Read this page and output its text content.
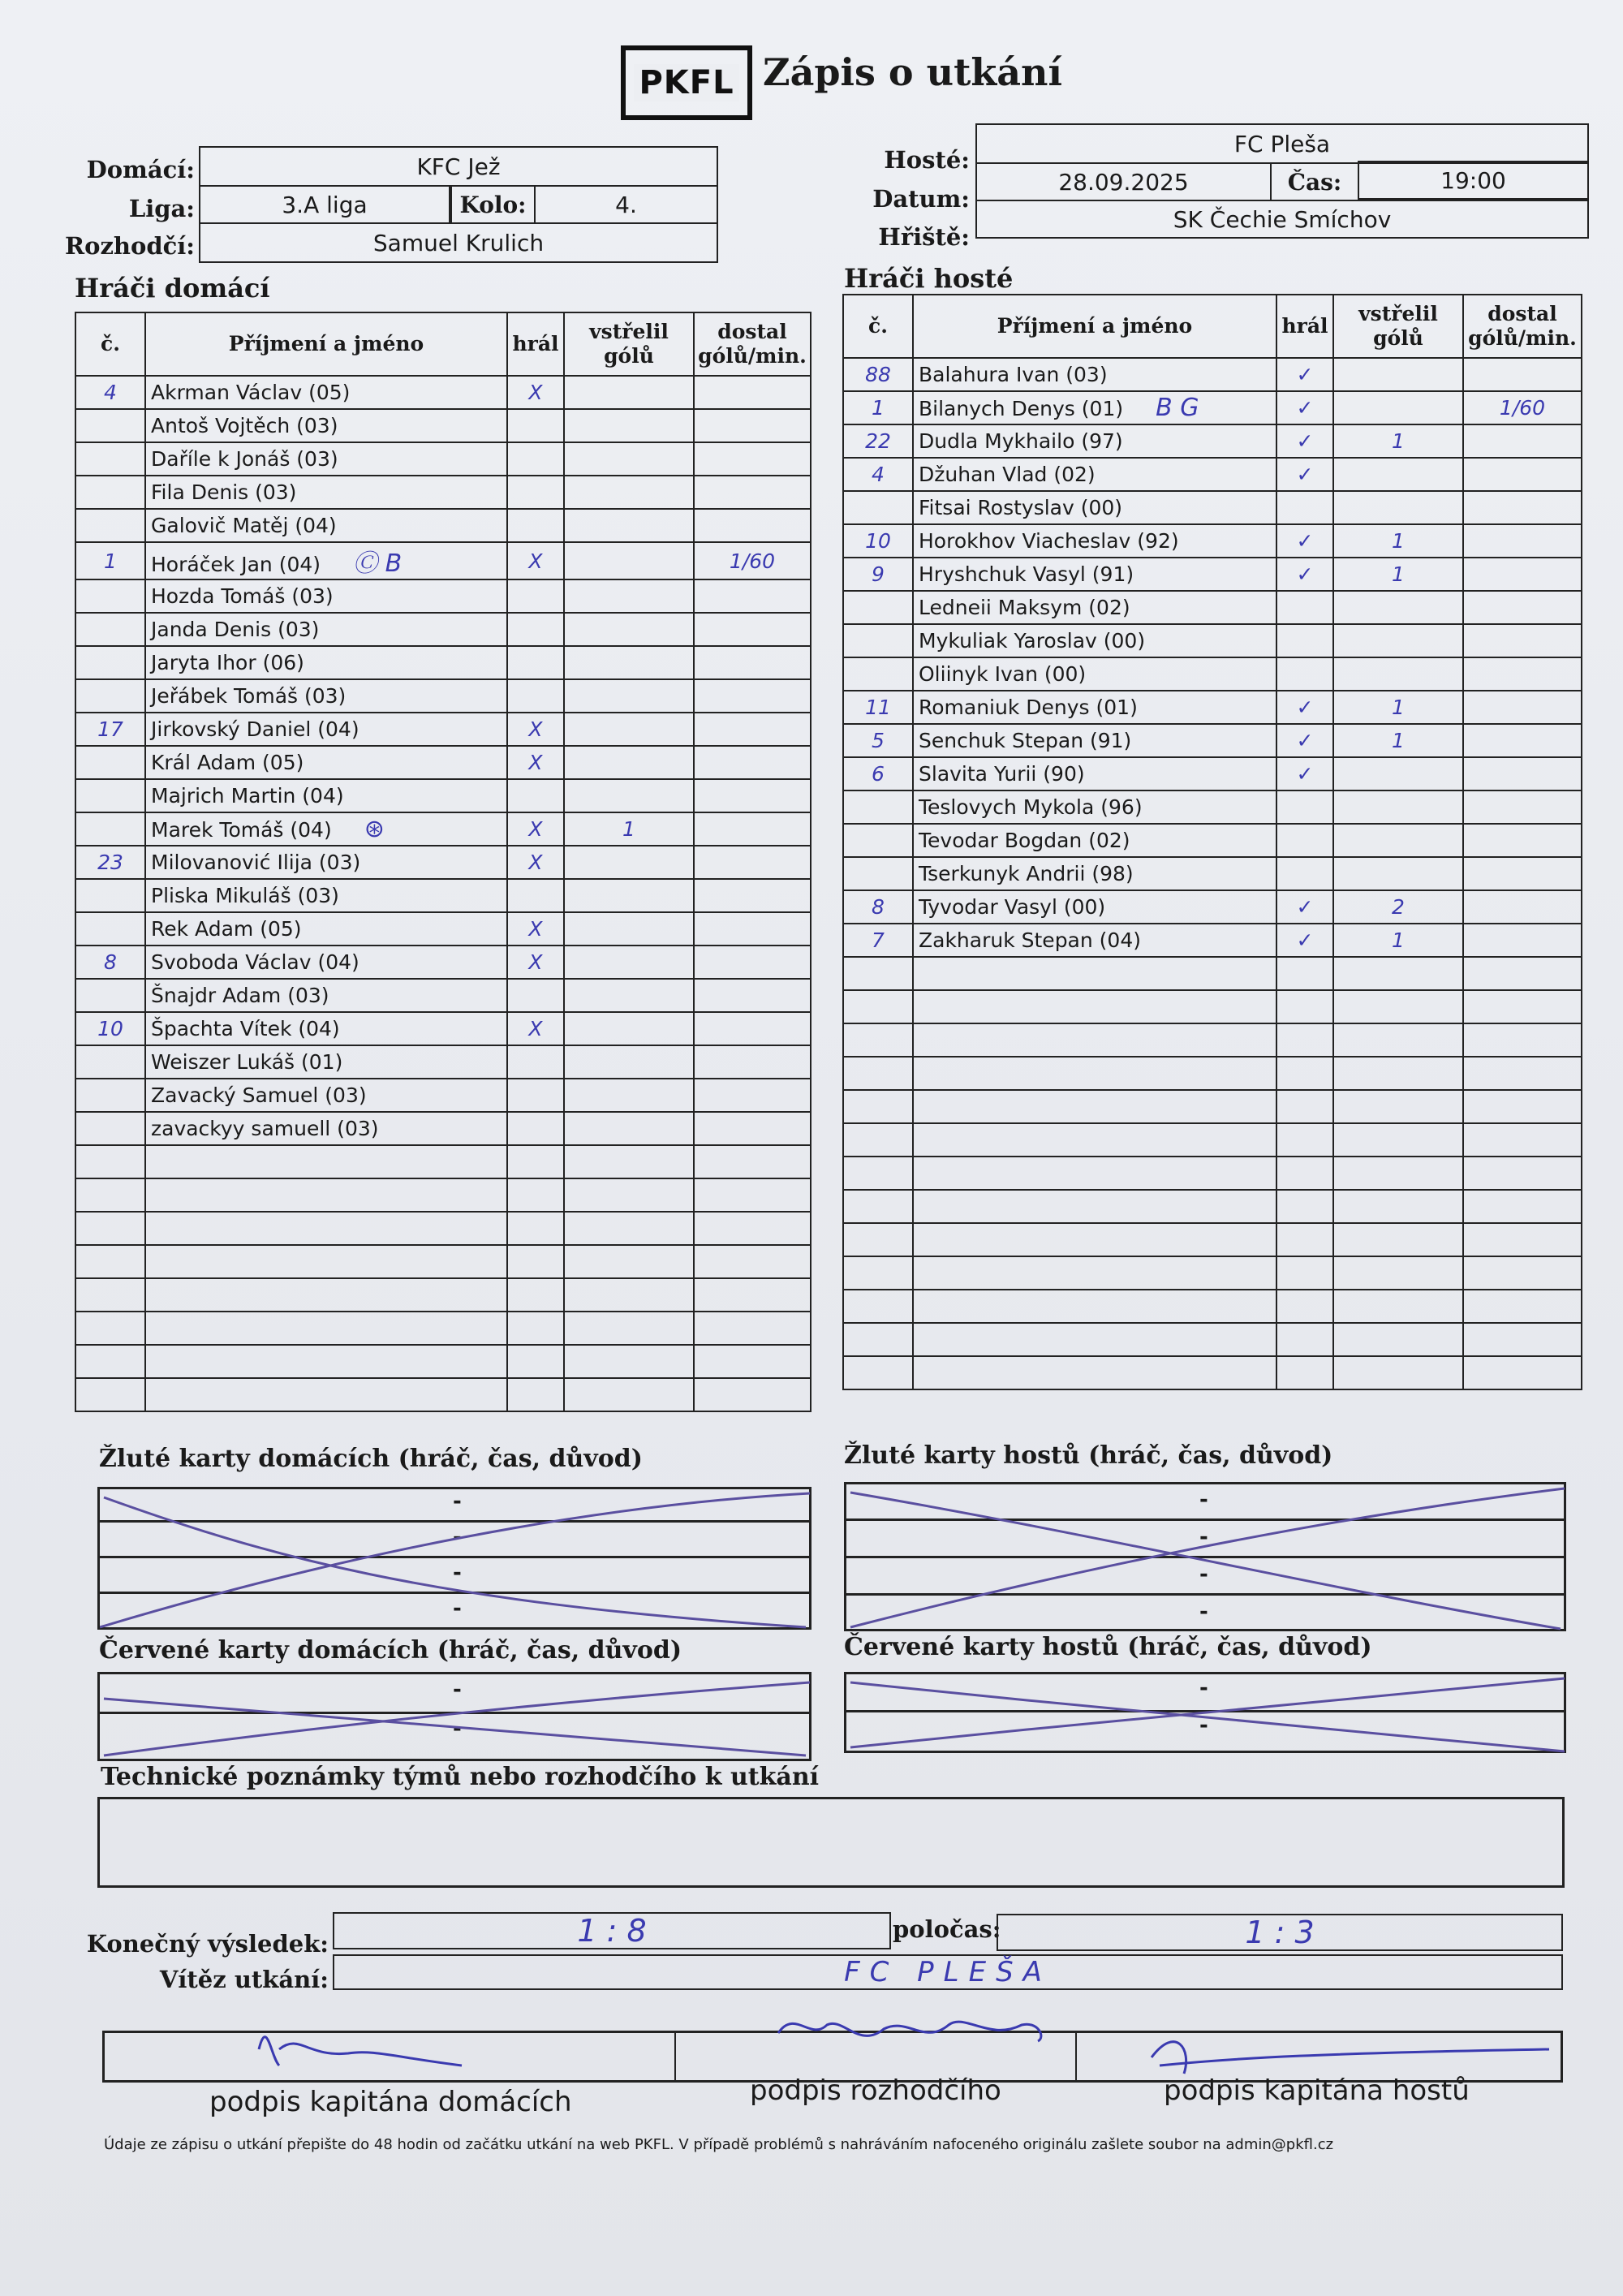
PKFL Zápis o utkání
Domácí:	KFC Jež
Liga:	3.A liga	Kolo:	4.
Rozhodčí:	Samuel Krulich
Hosté:
FC Pleša
Datum:
28.09.2025	Čas:	19:00
Hřiště:
SK Čechie Smíchov
Hráči domácí	Hráči hosté
č.	Příjmení a jméno	hrál	vstřelil gólů	dostal gólů/min.
4	Akrman Václav (05)	X		
	Antoš Vojtěch (03)			
	Daříle k Jonáš (03)			
	Fila Denis (03)			
	Galovič Matěj (04)			
1	Horáček Jan (04) Ⓒ B	X		1/60
	Hozda Tomáš (03)			
	Janda Denis (03)			
	Jaryta Ihor (06)			
	Jeřábek Tomáš (03)			
17	Jirkovský Daniel (04)	X		
	Král Adam (05)	X		
	Majrich Martin (04)			
	Marek Tomáš (04) ⊛	X	1	
23	Milovanović Ilija (03)	X		
	Pliska Mikuláš (03)			
	Rek Adam (05)	X		
8	Svoboda Václav (04)	X		
	Šnajdr Adam (03)			
10	Špachta Vítek (04)	X		
	Weiszer Lukáš (01)			
	Zavacký Samuel (03)			
	zavackyy samuell (03)			

č.	Příjmení a jméno	hrál	vstřelil gólů	dostal gólů/min.
88	Balahura Ivan (03)	✓		
1	Bilanych Denys (01) B G	✓		1/60
22	Dudla Mykhailo (97)	✓	1	
4	Džuhan Vlad (02)	✓		
	Fitsai Rostyslav (00)			
10	Horokhov Viacheslav (92)	✓	1	
9	Hryshchuk Vasyl (91)	✓	1	
	Ledneii Maksym (02)			
	Mykuliak Yaroslav (00)			
	Oliinyk Ivan (00)			
11	Romaniuk Denys (01)	✓	1	
5	Senchuk Stepan (91)	✓	1	
6	Slavita Yurii (90)	✓		
	Teslovych Mykola (96)			
	Tevodar Bogdan (02)			
	Tserkunyk Andrii (98)			
8	Tyvodar Vasyl (00)	✓	2	
7	Zakharuk Stepan (04)	✓	1	

Žluté karty domácích (hráč, čas, důvod)
-
-
-
-
Žluté karty hostů (hráč, čas, důvod)
-
-
-
-
Červené karty domácích (hráč, čas, důvod)
-
-
Červené karty hostů (hráč, čas, důvod)
-
-
Technické poznámky týmů nebo rozhodčího k utkání
Konečný výsledek:	1 : 8	poločas:	1 : 3
Vítěz utkání:	FC PLEŠA
podpis kapitána domácích	podpis rozhodčího	podpis kapitána hostů
Údaje ze zápisu o utkání přepište do 48 hodin od začátku utkání na web PKFL. V případě problémů s nahráváním nafoceného originálu zašlete soubor na admin@pkfl.cz
